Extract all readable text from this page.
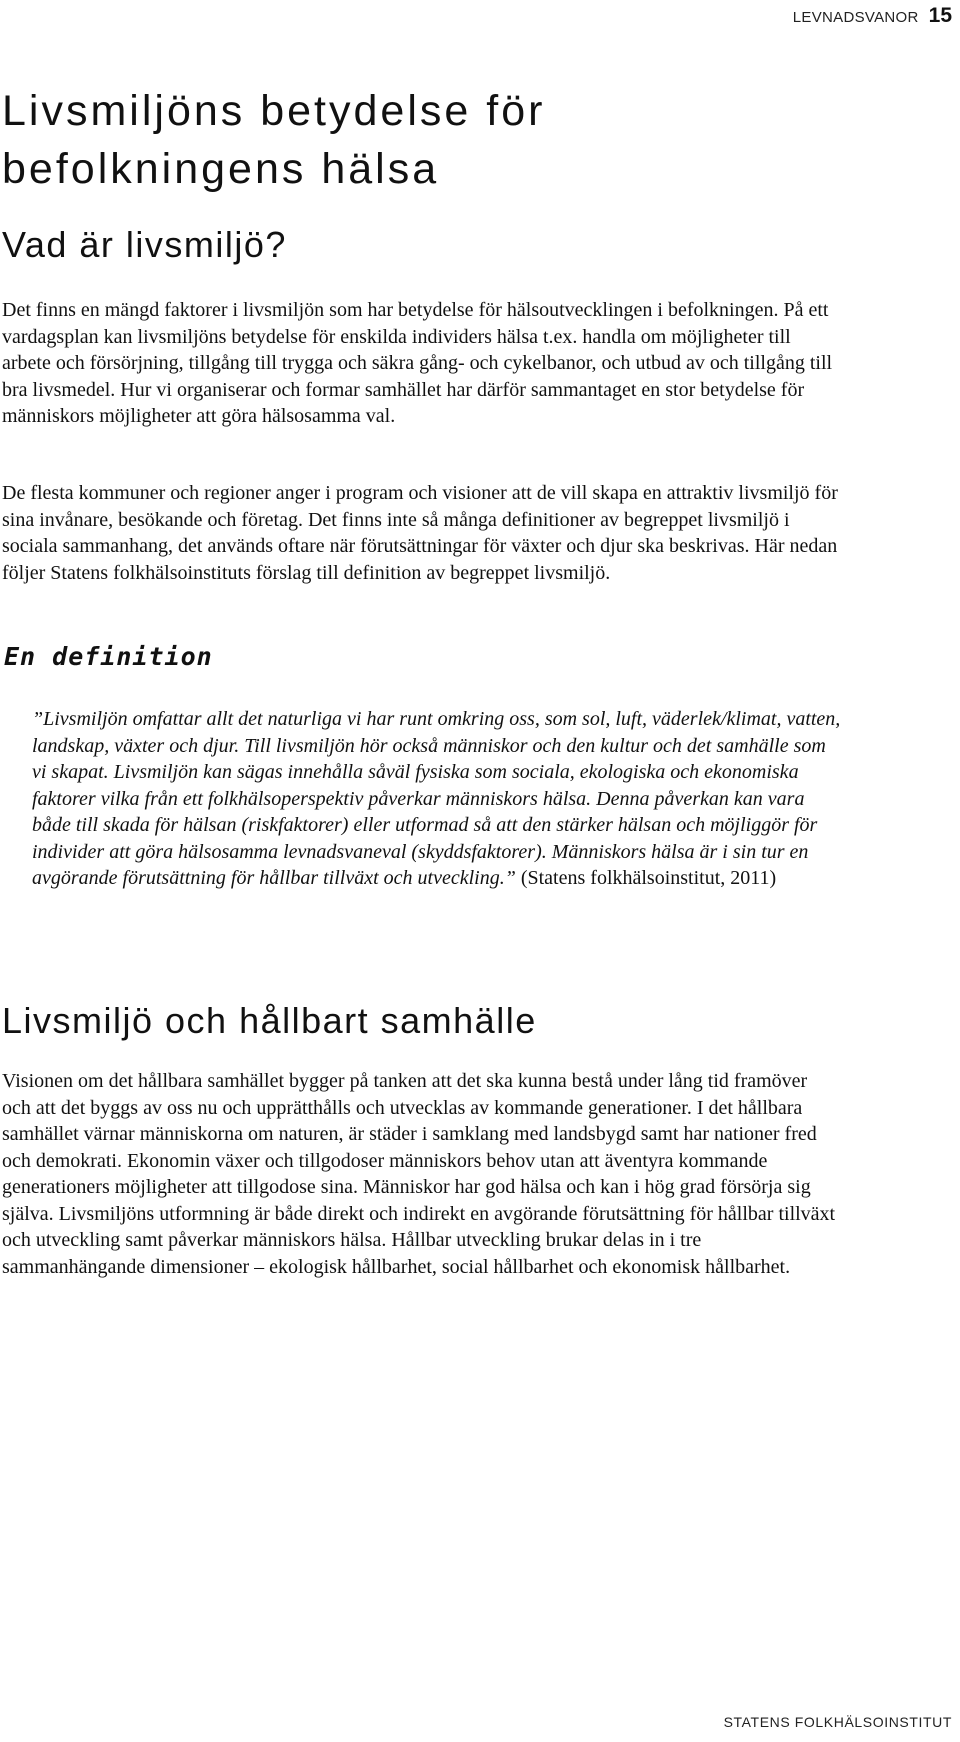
LEVNADSVANOR 15
Livsmiljöns betydelse för
befolkningens hälsa
Vad är livsmiljö?

Det finns en mängd faktorer i livsmiljön som har betydelse för hälsoutvecklingen i befolkningen. På ett vardagsplan kan livsmiljöns betydelse för enskilda individers hälsa t.ex. handla om möjligheter till arbete och försörjning, tillgång till trygga och säkra gång- och cykelbanor, och utbud av och tillgång till bra livsmedel. Hur vi organiserar och formar samhället har därför sammantaget en stor betydelse för människors möjligheter att göra hälsosamma val.

De flesta kommuner och regioner anger i program och visioner att de vill skapa en attraktiv livsmiljö för sina invånare, besökande och företag. Det finns inte så många definitioner av begreppet livsmiljö i sociala sammanhang, det används oftare när förutsättningar för växter och djur ska beskrivas. Här nedan följer Statens folkhälsoinstituts förslag till definition av begreppet livsmiljö.

En definition

”Livsmiljön omfattar allt det naturliga vi har runt omkring oss, som sol, luft, väderlek/klimat, vatten, landskap, växter och djur. Till livsmiljön hör också människor och den kultur och det samhälle som vi skapat. Livsmiljön kan sägas innehålla såväl fysiska som sociala, ekologiska och ekonomiska faktorer vilka från ett folkhälsoperspektiv påverkar människors hälsa. Denna påverkan kan vara både till skada för hälsan (riskfaktorer) eller utformad så att den stärker hälsan och möjliggör för individer att göra hälsosamma levnadsvaneval (skyddsfaktorer). Människors hälsa är i sin tur en avgörande förutsättning för hållbar tillväxt och utveckling.” (Statens folkhälsoinstitut, 2011)

Livsmiljö och hållbart samhälle

Visionen om det hållbara samhället bygger på tanken att det ska kunna bestå under lång tid framöver och att det byggs av oss nu och upprätthålls och utvecklas av kommande generationer. I det hållbara samhället värnar människorna om naturen, är städer i samklang med landsbygd samt har nationer fred och demokrati. Ekonomin växer och tillgodoser människors behov utan att äventyra kommande generationers möjligheter att tillgodose sina. Människor har god hälsa och kan i hög grad försörja sig själva. Livsmiljöns utformning är både direkt och indirekt en avgörande förutsättning för hållbar tillväxt och utveckling samt påverkar människors hälsa. Hållbar utveckling brukar delas in i tre sammanhängande dimensioner – ekologisk hållbarhet, social hållbarhet och ekonomisk hållbarhet.

STATENS FOLKHÄLSOINSTITUT
